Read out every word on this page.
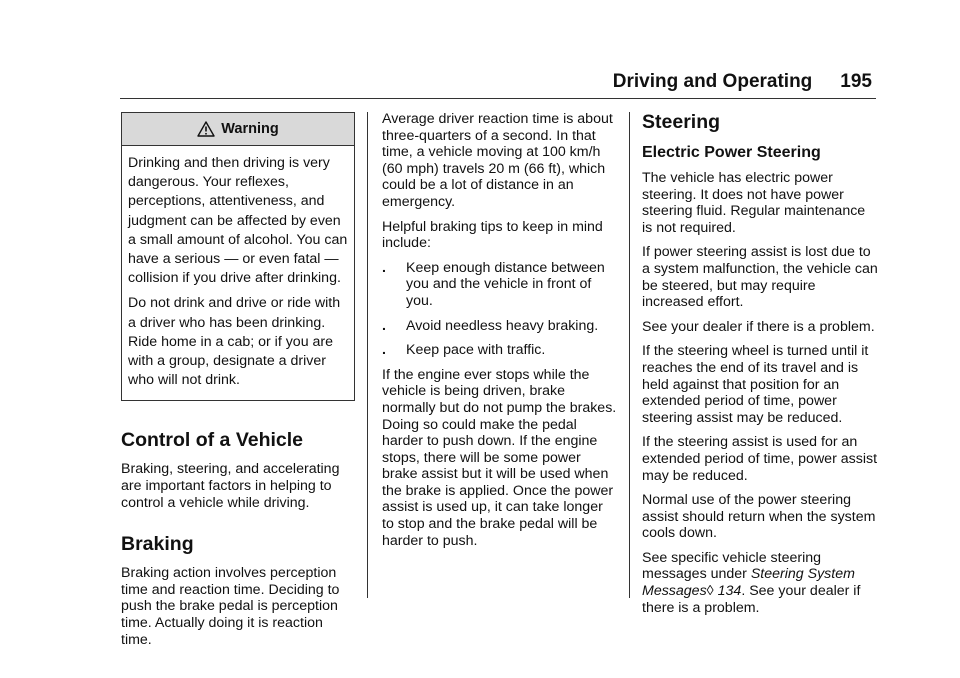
Driving and Operating 195
Warning

Drinking and then driving is very dangerous. Your reflexes, perceptions, attentiveness, and judgment can be affected by even a small amount of alcohol. You can have a serious — or even fatal — collision if you drive after drinking.

Do not drink and drive or ride with a driver who has been drinking. Ride home in a cab; or if you are with a group, designate a driver who will not drink.

Control of a Vehicle

Braking, steering, and accelerating are important factors in helping to control a vehicle while driving.

Braking

Braking action involves perception time and reaction time. Deciding to push the brake pedal is perception time. Actually doing it is reaction time.

Average driver reaction time is about three-quarters of a second. In that time, a vehicle moving at 100 km/h (60 mph) travels 20 m (66 ft), which could be a lot of distance in an emergency.

Helpful braking tips to keep in mind include:

.	Keep enough distance between you and the vehicle in front of you.
.	Avoid needless heavy braking.
.	Keep pace with traffic.

If the engine ever stops while the vehicle is being driven, brake normally but do not pump the brakes. Doing so could make the pedal harder to push down. If the engine stops, there will be some power brake assist but it will be used when the brake is applied. Once the power assist is used up, it can take longer to stop and the brake pedal will be harder to push.

Steering
Electric Power Steering

The vehicle has electric power steering. It does not have power steering fluid. Regular maintenance is not required.

If power steering assist is lost due to a system malfunction, the vehicle can be steered, but may require increased effort.

See your dealer if there is a problem.

If the steering wheel is turned until it reaches the end of its travel and is held against that position for an extended period of time, power steering assist may be reduced.

If the steering assist is used for an extended period of time, power assist may be reduced.

Normal use of the power steering assist should return when the system cools down.

See specific vehicle steering messages under Steering System Messages◊ 134. See your dealer if there is a problem.
